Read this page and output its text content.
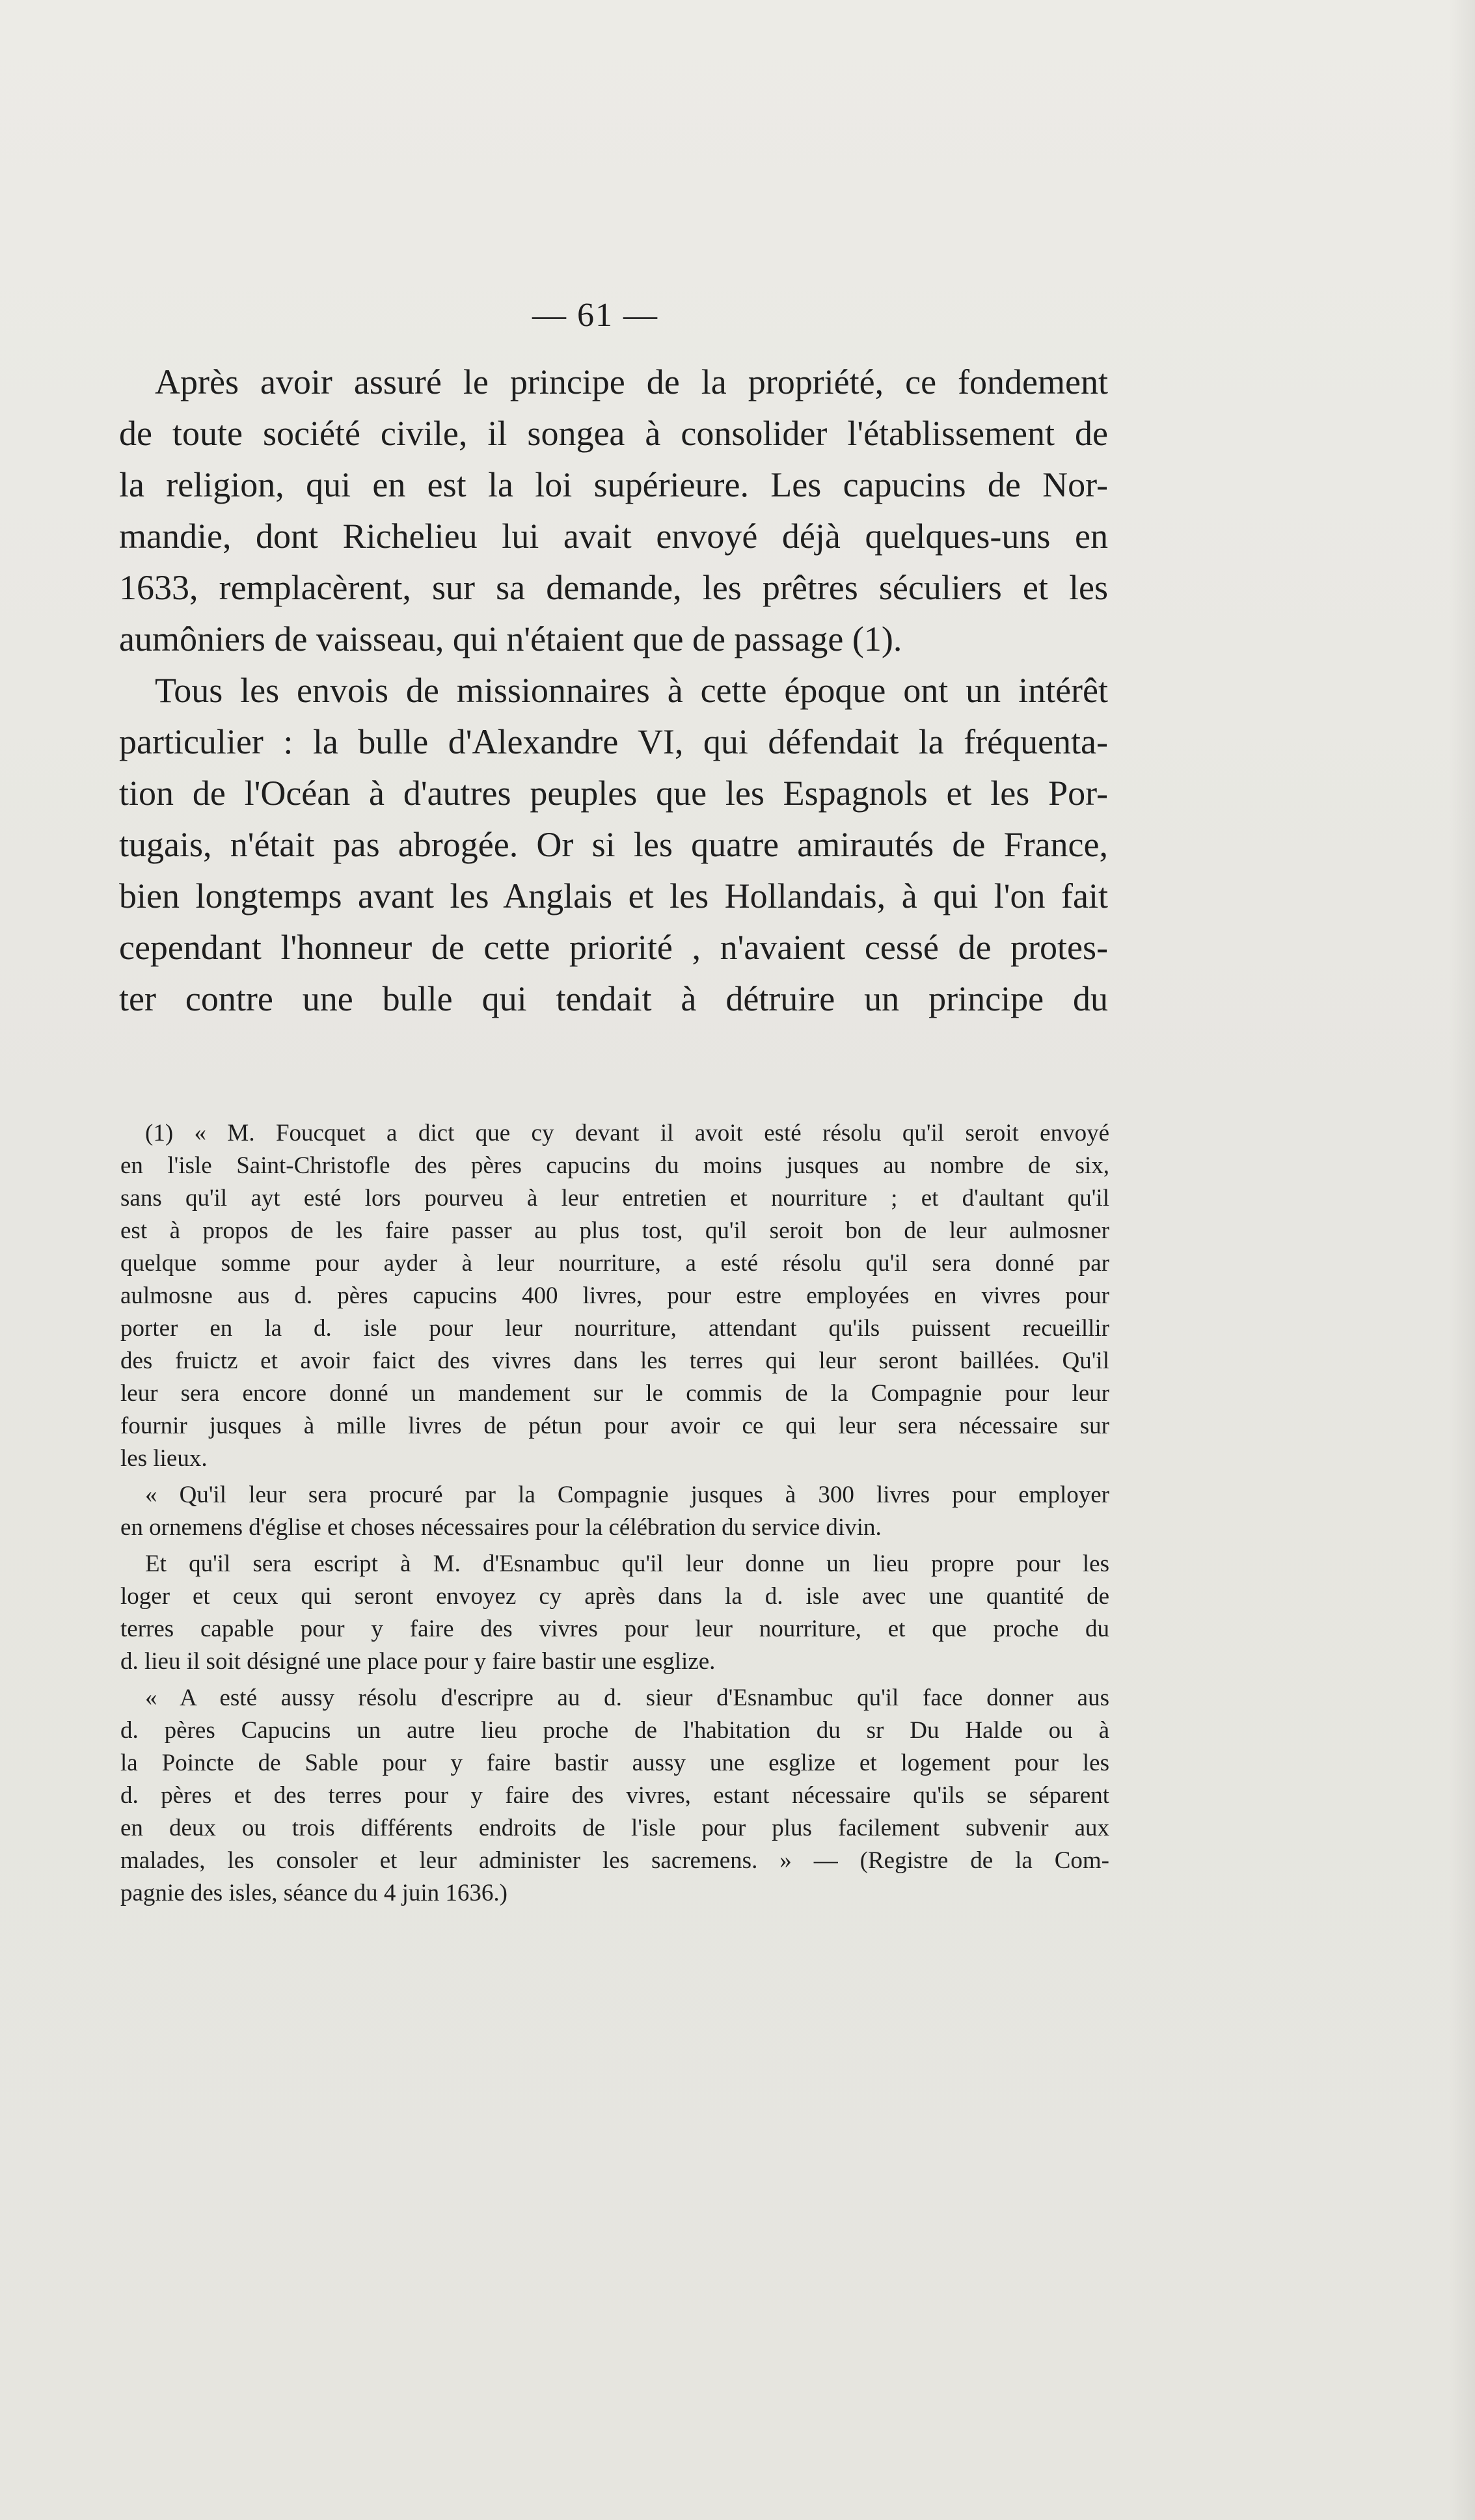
— 61 —

Après avoir assuré le principe de la propriété, ce fondement
de toute société civile, il songea à consolider l'établissement de
la religion, qui en est la loi supérieure. Les capucins de Nor-
mandie, dont Richelieu lui avait envoyé déjà quelques-uns en
1633, remplacèrent, sur sa demande, les prêtres séculiers et les
aumôniers de vaisseau, qui n'étaient que de passage (1).

Tous les envois de missionnaires à cette époque ont un intérêt
particulier : la bulle d'Alexandre VI, qui défendait la fréquenta-
tion de l'Océan à d'autres peuples que les Espagnols et les Por-
tugais, n'était pas abrogée. Or si les quatre amirautés de France,
bien longtemps avant les Anglais et les Hollandais, à qui l'on fait
cependant l'honneur de cette priorité , n'avaient cessé de protes-
ter contre une bulle qui tendait à détruire un principe du

(1) « M. Foucquet a dict que cy devant il avoit esté résolu qu'il seroit envoyé
en l'isle Saint-Christofle des pères capucins du moins jusques au nombre de six,
sans qu'il ayt esté lors pourveu à leur entretien et nourriture ; et d'aultant qu'il
est à propos de les faire passer au plus tost, qu'il seroit bon de leur aulmosner
quelque somme pour ayder à leur nourriture, a esté résolu qu'il sera donné par
aulmosne aus d. pères capucins 400 livres, pour estre employées en vivres pour
porter en la d. isle pour leur nourriture, attendant qu'ils puissent recueillir
des fruictz et avoir faict des vivres dans les terres qui leur seront baillées. Qu'il
leur sera encore donné un mandement sur le commis de la Compagnie pour leur
fournir jusques à mille livres de pétun pour avoir ce qui leur sera nécessaire sur
les lieux.

« Qu'il leur sera procuré par la Compagnie jusques à 300 livres pour employer
en ornemens d'église et choses nécessaires pour la célébration du service divin.

Et qu'il sera escript à M. d'Esnambuc qu'il leur donne un lieu propre pour les
loger et ceux qui seront envoyez cy après dans la d. isle avec une quantité de
terres capable pour y faire des vivres pour leur nourriture, et que proche du
d. lieu il soit désigné une place pour y faire bastir une esglize.

« A esté aussy résolu d'escripre au d. sieur d'Esnambuc qu'il face donner aus
d. pères Capucins un autre lieu proche de l'habitation du sr Du Halde ou à
la Poincte de Sable pour y faire bastir aussy une esglize et logement pour les
d. pères et des terres pour y faire des vivres, estant nécessaire qu'ils se séparent
en deux ou trois différents endroits de l'isle pour plus facilement subvenir aux
malades, les consoler et leur administer les sacremens. » — (Registre de la Com-
pagnie des isles, séance du 4 juin 1636.)
